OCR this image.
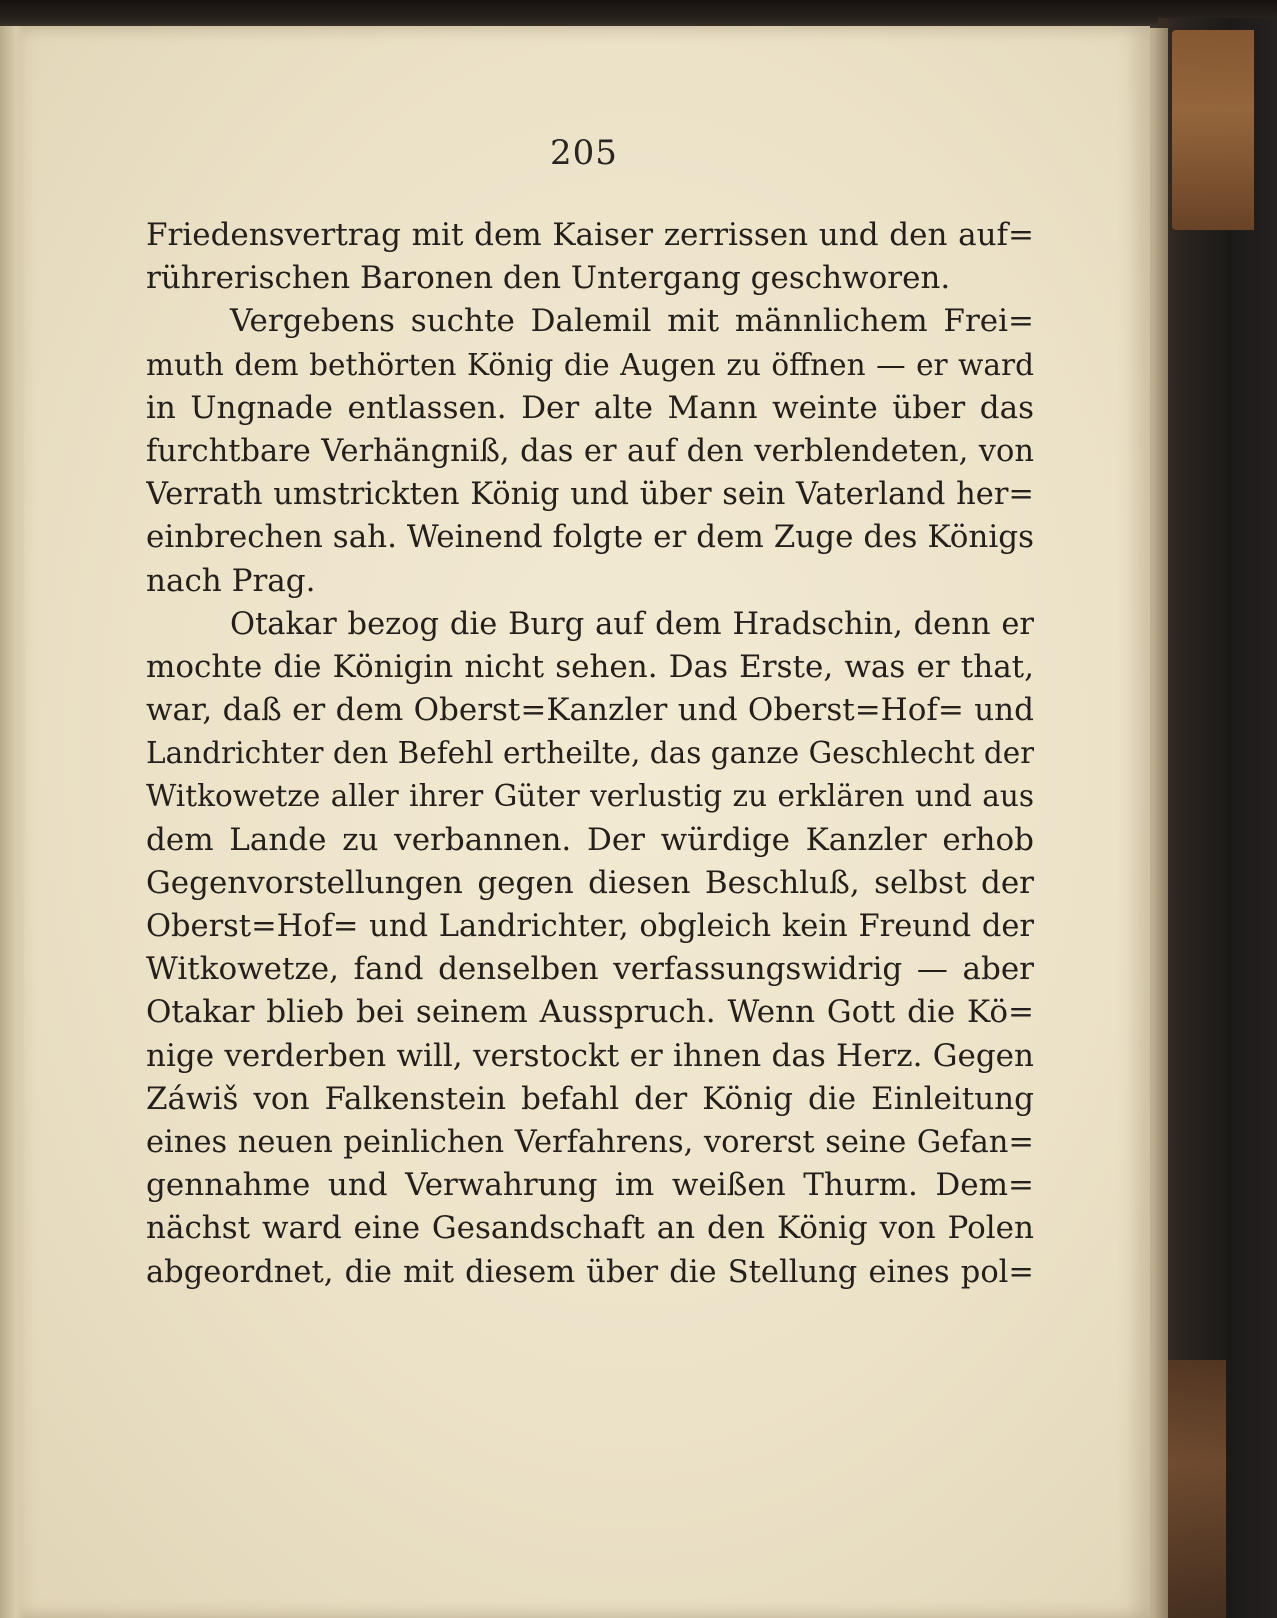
205
Friedensvertrag mit dem Kaiser zerrissen und den auf=
rührerischen Baronen den Untergang geschworen.
Vergebens suchte Dalemil mit männlichem Frei=
muth dem bethörten König die Augen zu öffnen — er ward
in Ungnade entlassen. Der alte Mann weinte über das
furchtbare Verhängniß, das er auf den verblendeten, von
Verrath umstrickten König und über sein Vaterland her=
einbrechen sah. Weinend folgte er dem Zuge des Königs
nach Prag.
Otakar bezog die Burg auf dem Hradschin, denn er
mochte die Königin nicht sehen. Das Erste, was er that,
war, daß er dem Oberst=Kanzler und Oberst=Hof= und
Landrichter den Befehl ertheilte, das ganze Geschlecht der
Witkowetze aller ihrer Güter verlustig zu erklären und aus
dem Lande zu verbannen. Der würdige Kanzler erhob
Gegenvorstellungen gegen diesen Beschluß, selbst der
Oberst=Hof= und Landrichter, obgleich kein Freund der
Witkowetze, fand denselben verfassungswidrig — aber
Otakar blieb bei seinem Ausspruch. Wenn Gott die Kö=
nige verderben will, verstockt er ihnen das Herz. Gegen
Záwiš von Falkenstein befahl der König die Einleitung
eines neuen peinlichen Verfahrens, vorerst seine Gefan=
gennahme und Verwahrung im weißen Thurm. Dem=
nächst ward eine Gesandschaft an den König von Polen
abgeordnet, die mit diesem über die Stellung eines pol=
